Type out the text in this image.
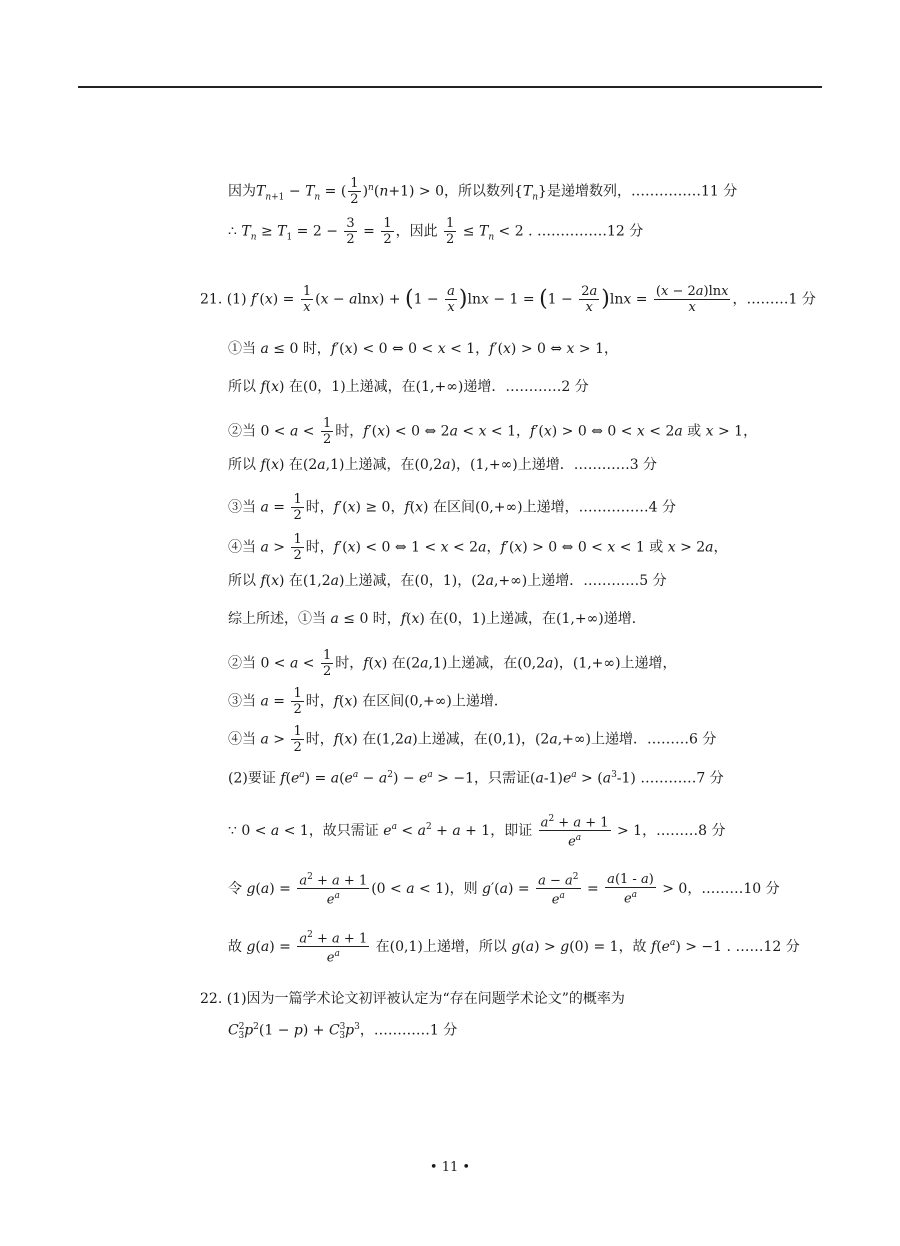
因为$T_{n+1} - T_n$ = ( $\frac{1}{2} )^n(n+1) > 0$，所以数列$\{T_n\}$是递增数列，……………11 分
∴ $T_n \ge T_1 = 2 - \frac{3}{2} = \frac{1}{2}$ ，因此 $\frac{1}{2} \le T_n < 2$ . ……………12 分
21. (1) $f'(x) = \frac{1}{x} (x - alnx) + (1 - \frac{a}{x} )\ln x - 1 = (1 - \frac{2a}{x} )\ln x = \frac{(x - 2a)\ln x}{x}$ ，………1 分
①当 a ≤ 0 时，f′(x) < 0 ⇔ 0 < x < 1，f′(x) > 0 ⇔ x > 1，
所以 f(x) 在(0，1)上递减，在(1,+∞)递增．…………2 分
②当 $0 < a < \frac{1}{2}$ 时，f′(x) < 0 ⇔ 2a < x < 1，f′(x) > 0 ⇔ 0 < x < 2a 或 x > 1，
所以 f(x) 在(2a,1)上递减，在(0,2a)，(1,+∞)上递增．…………3 分
③当 $a = \frac{1}{2}$ 时，f′(x) ≥ 0，f(x) 在区间(0,+∞)上递增，……………4 分
④当 $a > \frac{1}{2}$ 时，f′(x) < 0 ⇔ 1 < x < 2a，f′(x) > 0 ⇔ 0 < x < 1 或 x > 2a，
所以 f(x) 在(1,2a)上递减，在(0，1)，(2a,+∞)上递增．…………5 分
综上所述，①当 a ≤ 0 时，f(x) 在(0，1)上递减，在(1,+∞)递增．
②当 $0 < a < \frac{1}{2}$ 时，f(x) 在(2a,1)上递减，在(0,2a)，(1,+∞)上递增，
③当 $a = \frac{1}{2}$ 时，f(x) 在区间(0,+∞)上递增．
④当 $a > \frac{1}{2}$ 时，f(x) 在(1,2a)上递减，在(0,1)，(2a,+∞)上递增．………6 分
(2)要证 $f(e^a) = a(e^a - a^2) - e^a > -1$，只需证$(a-1)e^a > (a^3-1)$ …………7 分
∵ 0 < a < 1，故只需证 $e^a < a^2 + a + 1$，即证 $\frac{a^2 + a + 1}{e^a} > 1$，………8 分
令 $g(a) = \frac{a^2 + a + 1}{e^a} (0 < a < 1)$，则 $g'(a) = \frac{a - a^2}{e^a} = \frac{a(1 - a)}{e^a} > 0$，………10 分
故 $g(a) = \frac{a^2 + a + 1}{e^a}$ 在(0,1)上递增，所以 g(a) > g(0) = 1，故 $f(e^a) > -1$ . ……12 分
22. (1)因为一篇学术论文初评被认定为“存在问题学术论文”的概率为
$C^2_3p^2(1 - p) + C^3_3p^3$，…………1 分
• 11 •
